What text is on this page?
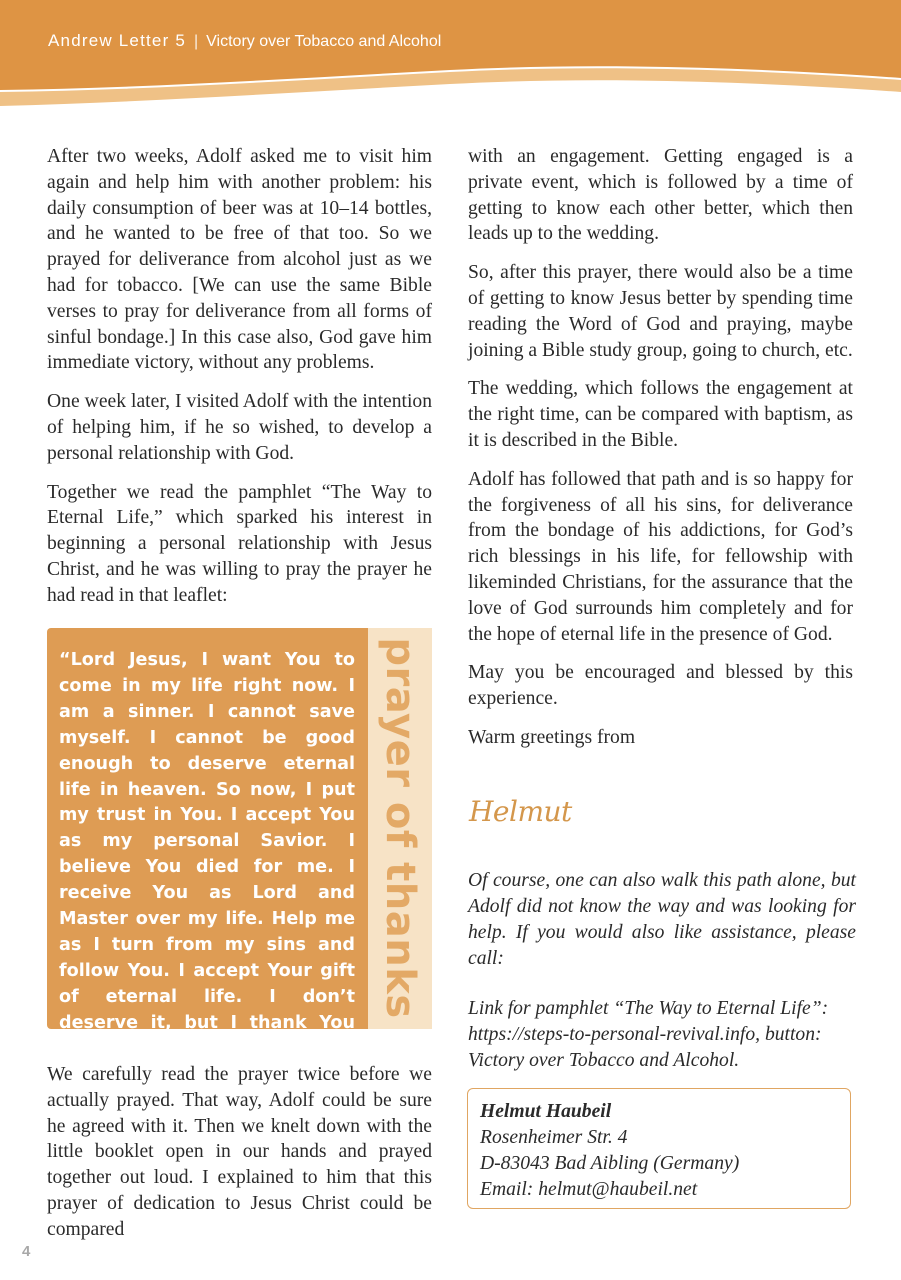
Andrew Letter 5 | Victory over Tobacco and Alcohol

After two weeks, Adolf asked me to visit him again and help him with another problem: his daily consumption of beer was at 10–14 bottles, and he wanted to be free of that too. So we prayed for deliverance from alcohol just as we had for tobacco. [We can use the same Bible verses to pray for deliverance from all forms of sinful bondage.] In this case also, God gave him immediate victory, without any problems.

One week later, I visited Adolf with the intention of helping him, if he so wished, to develop a personal relationship with God.

Together we read the pamphlet “The Way to Eternal Life,” which sparked his interest in beginning a personal relationship with Jesus Christ, and he was willing to pray the prayer he had read in that leaflet:

“Lord Jesus, I want You to come in my life right now. I am a sinner. I cannot save myself. I cannot be good enough to deserve eternal life in heaven. So now, I put my trust in You. I accept You as my personal Savior. I believe You died for me. I receive You as Lord and Master over my life. Help me as I turn from my sins and follow You. I accept Your gift of eternal life. I don’t deserve it, but I thank You for it. Amen.”
prayer of thanks

We carefully read the prayer twice before we actually prayed. That way, Adolf could be sure he agreed with it. Then we knelt down with the little booklet open in our hands and prayed together out loud. I explained to him that this prayer of dedication to Jesus Christ could be compared

with an engagement. Getting engaged is a private event, which is followed by a time of getting to know each other better, which then leads up to the wedding.

So, after this prayer, there would also be a time of getting to know Jesus better by spending time reading the Word of God and praying, maybe joining a Bible study group, going to church, etc.

The wedding, which follows the engagement at the right time, can be compared with baptism, as it is described in the Bible.

Adolf has followed that path and is so happy for the forgiveness of all his sins, for deliverance from the bondage of his addictions, for God’s rich blessings in his life, for fellowship with likeminded Christians, for the assurance that the love of God surrounds him completely and for the hope of eternal life in the presence of God.

May you be encouraged and blessed by this experience.

Warm greetings from

Helmut
Of course, one can also walk this path alone, but Adolf did not know the way and was looking for help. If you would also like assistance, please call:
Link for pamphlet “The Way to Eternal Life”:
https://steps-to-personal-revival.info, button:
Victory over Tobacco and Alcohol.
Helmut Haubeil
Rosenheimer Str. 4
D-83043 Bad Aibling (Germany)
Email: helmut@haubeil.net
4
